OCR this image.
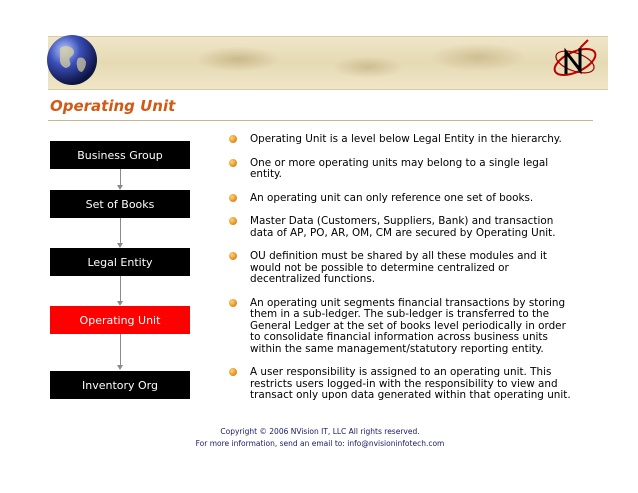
Operating Unit
Business Group
Set of Books
Legal Entity
Operating Unit
Inventory Org
Operating Unit is a level below Legal Entity in the hierarchy.
One or more operating units may belong to a single legal entity.
An operating unit can only reference one set of books.
Master Data (Customers, Suppliers, Bank) and transaction data of AP, PO, AR, OM, CM are secured by Operating Unit.
OU definition must be shared by all these modules and it would not be possible to determine centralized or decentralized functions.
An operating unit segments financial transactions by storing them in a sub-ledger. The sub-ledger is transferred to the General Ledger at the set of books level periodically in order to consolidate financial information across business units within the same management/statutory reporting entity.
A user responsibility is assigned to an operating unit. This restricts users logged-in with the responsibility to view and transact only upon data generated within that operating unit.
Copyright © 2006 NVision IT, LLC All rights reserved.
For more information, send an email to: info@nvisioninfotech.com
